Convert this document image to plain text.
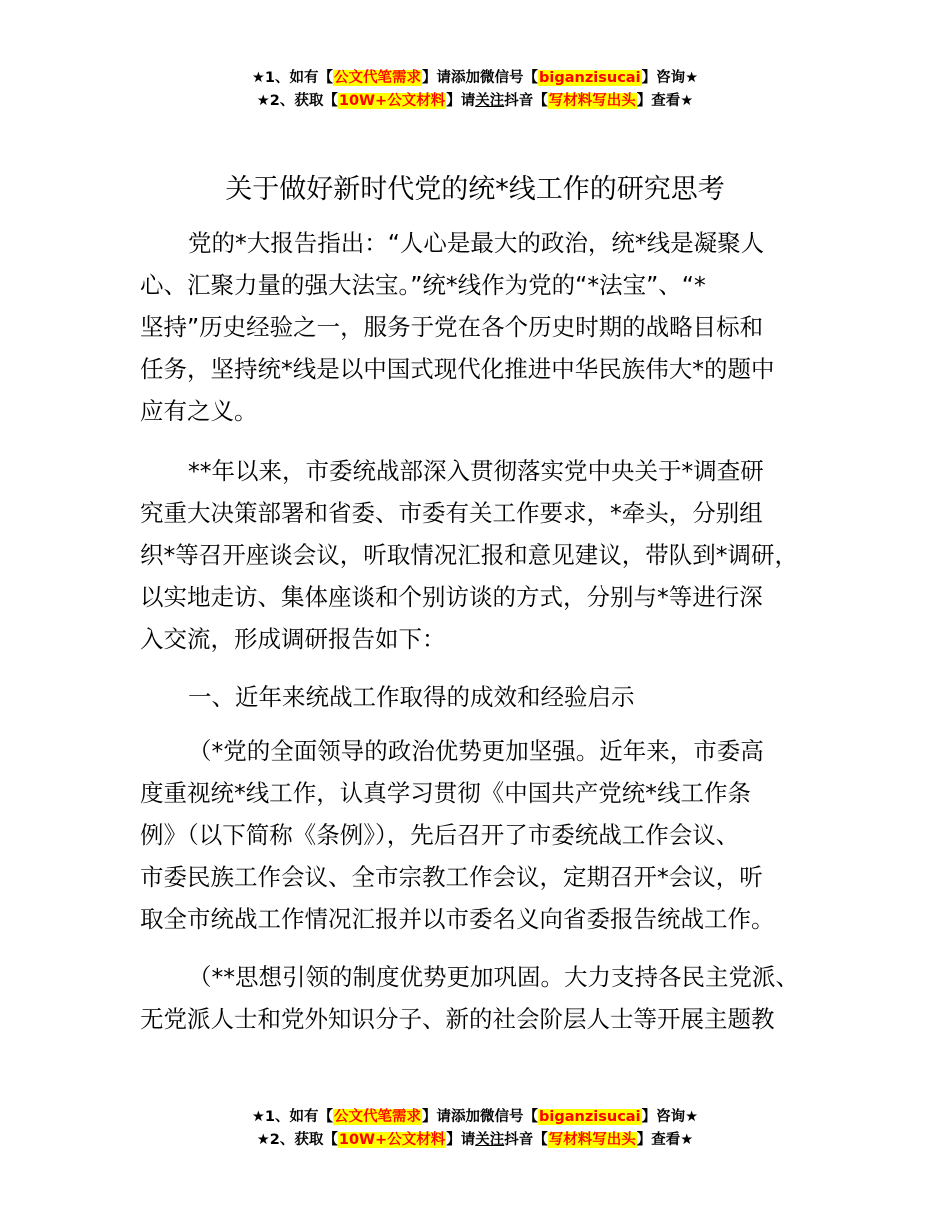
★1、如有【公文代笔需求】请添加微信号【biganzisucai】咨询★
★2、获取【10W+公文材料】请关注抖音【写材料写出头】查看★
关于做好新时代党的统*线工作的研究思考
党的*大报告指出：“人心是最大的政治，统*线是凝聚人
心、汇聚力量的强大法宝。”统*线作为党的“*法宝”、“*
坚持”历史经验之一，服务于党在各个历史时期的战略目标和
任务，坚持统*线是以中国式现代化推进中华民族伟大*的题中
应有之义。
**年以来，市委统战部深入贯彻落实党中央关于*调查研
究重大决策部署和省委、市委有关工作要求，*牵头，分别组
织*等召开座谈会议，听取情况汇报和意见建议，带队到*调研，
以实地走访、集体座谈和个别访谈的方式，分别与*等进行深
入交流，形成调研报告如下：
一、近年来统战工作取得的成效和经验启示
（*党的全面领导的政治优势更加坚强。近年来，市委高
度重视统*线工作，认真学习贯彻《中国共产党统*线工作条
例》（以下简称《条例》），先后召开了市委统战工作会议、
市委民族工作会议、全市宗教工作会议，定期召开*会议，听
取全市统战工作情况汇报并以市委名义向省委报告统战工作。
（**思想引领的制度优势更加巩固。大力支持各民主党派、
无党派人士和党外知识分子、新的社会阶层人士等开展主题教
★1、如有【公文代笔需求】请添加微信号【biganzisucai】咨询★
★2、获取【10W+公文材料】请关注抖音【写材料写出头】查看★
